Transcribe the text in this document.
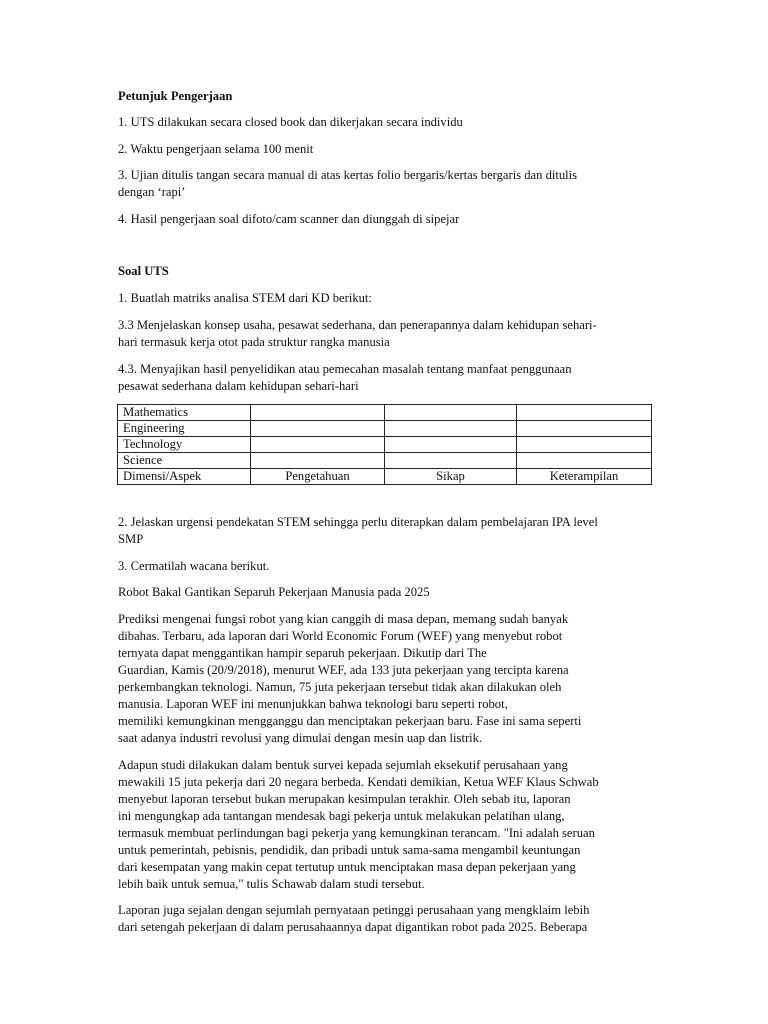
Petunjuk Pengerjaan

1. UTS dilakukan secara closed book dan dikerjakan secara individu

2. Waktu pengerjaan selama 100 menit

3. Ujian ditulis tangan secara manual di atas kertas folio bergaris/kertas bergaris dan ditulis

dengan ‘rapi’

4. Hasil pengerjaan soal difoto/cam scanner dan diunggah di sipejar

Soal UTS

1. Buatlah matriks analisa STEM dari KD berikut:

3.3 Menjelaskan konsep usaha, pesawat sederhana, dan penerapannya dalam kehidupan sehari-

hari termasuk kerja otot pada struktur rangka manusia

4.3. Menyajikan hasil penyelidikan atau pemecahan masalah tentang manfaat penggunaan

pesawat sederhana dalam kehidupan sehari-hari

Mathematics			
Engineering			
Technology			
Science			
Dimensi/Aspek	Pengetahuan	Sikap	Keterampilan

2. Jelaskan urgensi pendekatan STEM sehingga perlu diterapkan dalam pembelajaran IPA level

SMP

3. Cermatilah wacana berikut.

Robot Bakal Gantikan Separuh Pekerjaan Manusia pada 2025

Prediksi mengenai fungsi robot yang kian canggih di masa depan, memang sudah banyak

dibahas. Terbaru, ada laporan dari World Economic Forum (WEF) yang menyebut robot

ternyata dapat menggantikan hampir separuh pekerjaan. Dikutip dari The

Guardian, Kamis (20/9/2018), menurut WEF, ada 133 juta pekerjaan yang tercipta karena

perkembangkan teknologi. Namun, 75 juta pekerjaan tersebut tidak akan dilakukan oleh

manusia. Laporan WEF ini menunjukkan bahwa teknologi baru seperti robot,

memiliki kemungkinan mengganggu dan menciptakan pekerjaan baru. Fase ini sama seperti

saat adanya industri revolusi yang dimulai dengan mesin uap dan listrik.

Adapun studi dilakukan dalam bentuk survei kepada sejumlah eksekutif perusahaan yang

mewakili 15 juta pekerja dari 20 negara berbeda. Kendati demikian, Ketua WEF Klaus Schwab

menyebut laporan tersebut bukan merupakan kesimpulan terakhir. Oleh sebab itu, laporan

ini mengungkap ada tantangan mendesak bagi pekerja untuk melakukan pelatihan ulang,

termasuk membuat perlindungan bagi pekerja yang kemungkinan terancam. "Ini adalah seruan

untuk pemerintah, pebisnis, pendidik, dan pribadi untuk sama-sama mengambil keuntungan

dari kesempatan yang makin cepat tertutup untuk menciptakan masa depan pekerjaan yang

lebih baik untuk semua," tulis Schawab dalam studi tersebut.

Laporan juga sejalan dengan sejumlah pernyataan petinggi perusahaan yang mengklaim lebih

dari setengah pekerjaan di dalam perusahaannya dapat digantikan robot pada 2025. Beberapa
